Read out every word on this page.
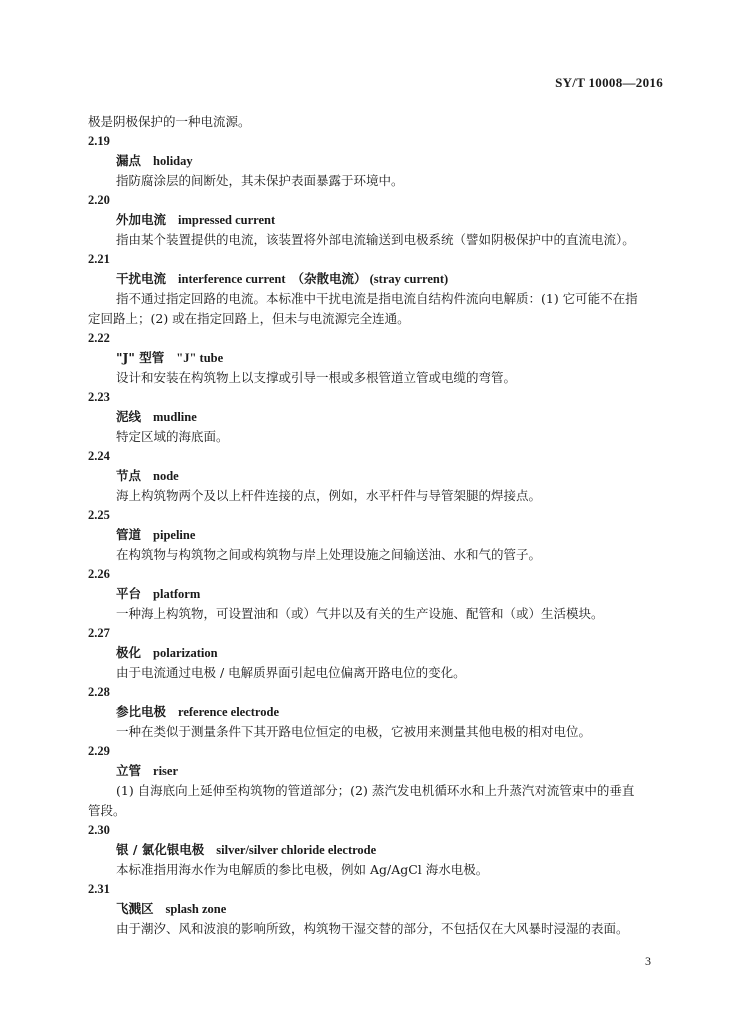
SY/T 10008—2016
极是阴极保护的一种电流源。
2.19
漏点 holiday
指防腐涂层的间断处，其未保护表面暴露于环境中。
2.20
外加电流 impressed current
指由某个装置提供的电流，该装置将外部电流输送到电极系统（譬如阴极保护中的直流电流）。
2.21
干扰电流 interference current （杂散电流） (stray current)
指不通过指定回路的电流。本标准中干扰电流是指电流自结构件流向电解质：(1) 它可能不在指
定回路上；(2) 或在指定回路上，但未与电流源完全连通。
2.22
"J" 型管 "J" tube
设计和安装在构筑物上以支撑或引导一根或多根管道立管或电缆的弯管。
2.23
泥线 mudline
特定区域的海底面。
2.24
节点 node
海上构筑物两个及以上杆件连接的点，例如，水平杆件与导管架腿的焊接点。
2.25
管道 pipeline
在构筑物与构筑物之间或构筑物与岸上处理设施之间输送油、水和气的管子。
2.26
平台 platform
一种海上构筑物，可设置油和（或）气井以及有关的生产设施、配管和（或）生活模块。
2.27
极化 polarization
由于电流通过电极 / 电解质界面引起电位偏离开路电位的变化。
2.28
参比电极 reference electrode
一种在类似于测量条件下其开路电位恒定的电极，它被用来测量其他电极的相对电位。
2.29
立管 riser
(1) 自海底向上延伸至构筑物的管道部分；(2) 蒸汽发电机循环水和上升蒸汽对流管束中的垂直
管段。
2.30
银 / 氯化银电极 silver/silver chloride electrode
本标准指用海水作为电解质的参比电极，例如 Ag/AgCl 海水电极。
2.31
飞溅区 splash zone
由于潮汐、风和波浪的影响所致，构筑物干湿交替的部分，不包括仅在大风暴时浸湿的表面。
3
